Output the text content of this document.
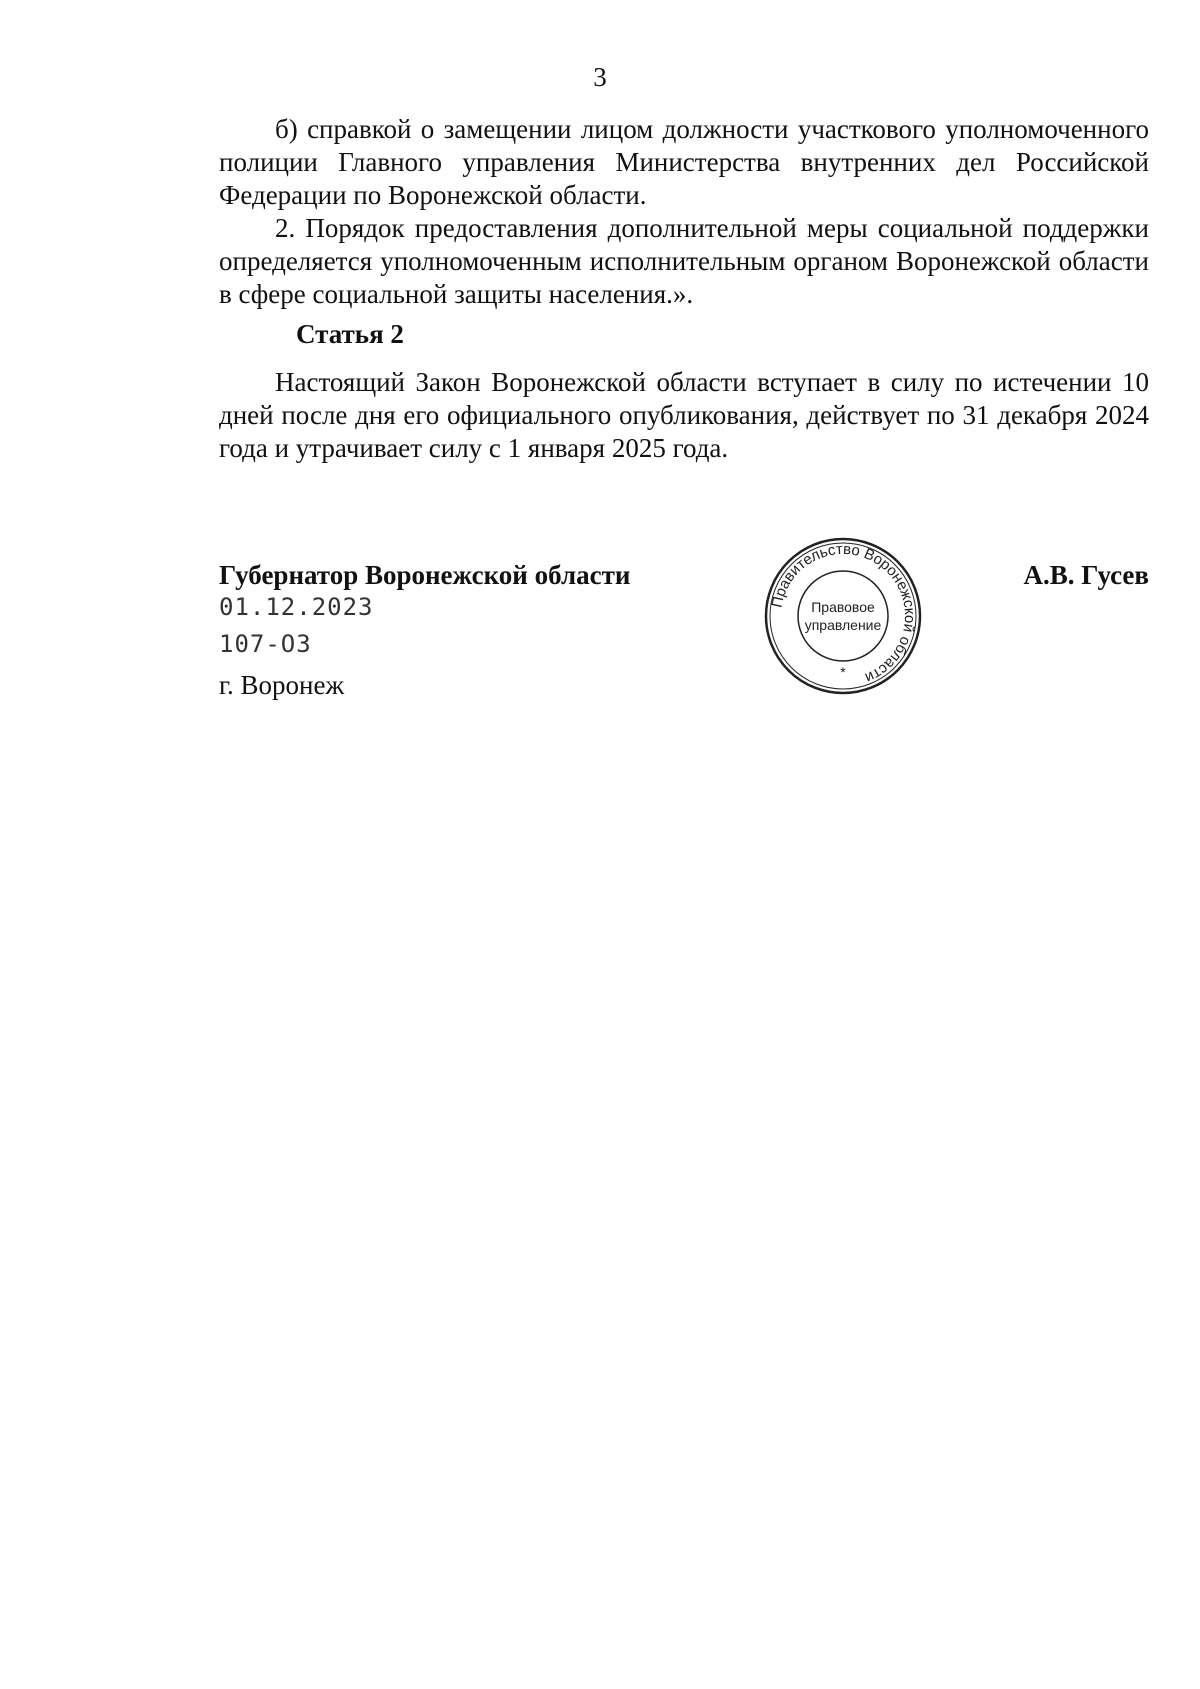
3

б) справкой о замещении лицом должности участкового уполномоченного полиции Главного управления Министерства внутренних дел Российской Федерации по Воронежской области.

2. Порядок предоставления дополнительной меры социальной поддержки определяется уполномоченным исполнительным органом Воронежской области в сфере социальной защиты населения.».

Статья 2

Настоящий Закон Воронежской области вступает в силу по истечении 10 дней после дня его официального опубликования, действует по 31 декабря 2024 года и утрачивает силу с 1 января 2025 года.

Губернатор Воронежской области	А.В. Гусев
01.12.2023
107-ОЗ
г. Воронеж
Правительство Воронежской области
Правовое
управление
*
